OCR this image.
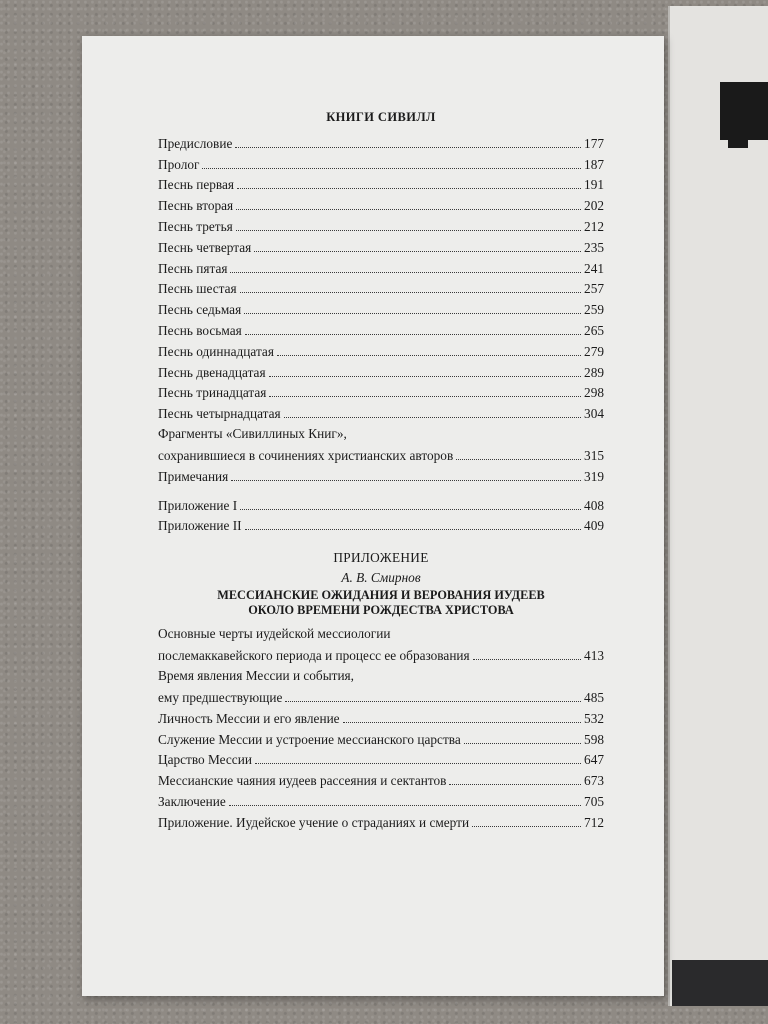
КНИГИ СИВИЛЛ
Предисловие	177
Пролог	187
Песнь первая	191
Песнь вторая	202
Песнь третья	212
Песнь четвертая	235
Песнь пятая	241
Песнь шестая	257
Песнь седьмая	259
Песнь восьмая	265
Песнь одиннадцатая	279
Песнь двенадцатая	289
Песнь тринадцатая	298
Песнь четырнадцатая	304
Фрагменты «Сивиллиных Книг»,
сохранившиеся в сочинениях христианских авторов	315
Примечания	319
Приложение I	408
Приложение II	409
ПРИЛОЖЕНИЕ
А. В. Смирнов
МЕССИАНСКИЕ ОЖИДАНИЯ И ВЕРОВАНИЯ ИУДЕЕВ
ОКОЛО ВРЕМЕНИ РОЖДЕСТВА ХРИСТОВА
Основные черты иудейской мессиологии
послемаккавейского периода и процесс ее образования	413
Время явления Мессии и события,
ему предшествующие	485
Личность Мессии и его явление	532
Служение Мессии и устроение мессианского царства	598
Царство Мессии	647
Мессианские чаяния иудеев рассеяния и сектантов	673
Заключение	705
Приложение. Иудейское учение о страданиях и смерти	712
